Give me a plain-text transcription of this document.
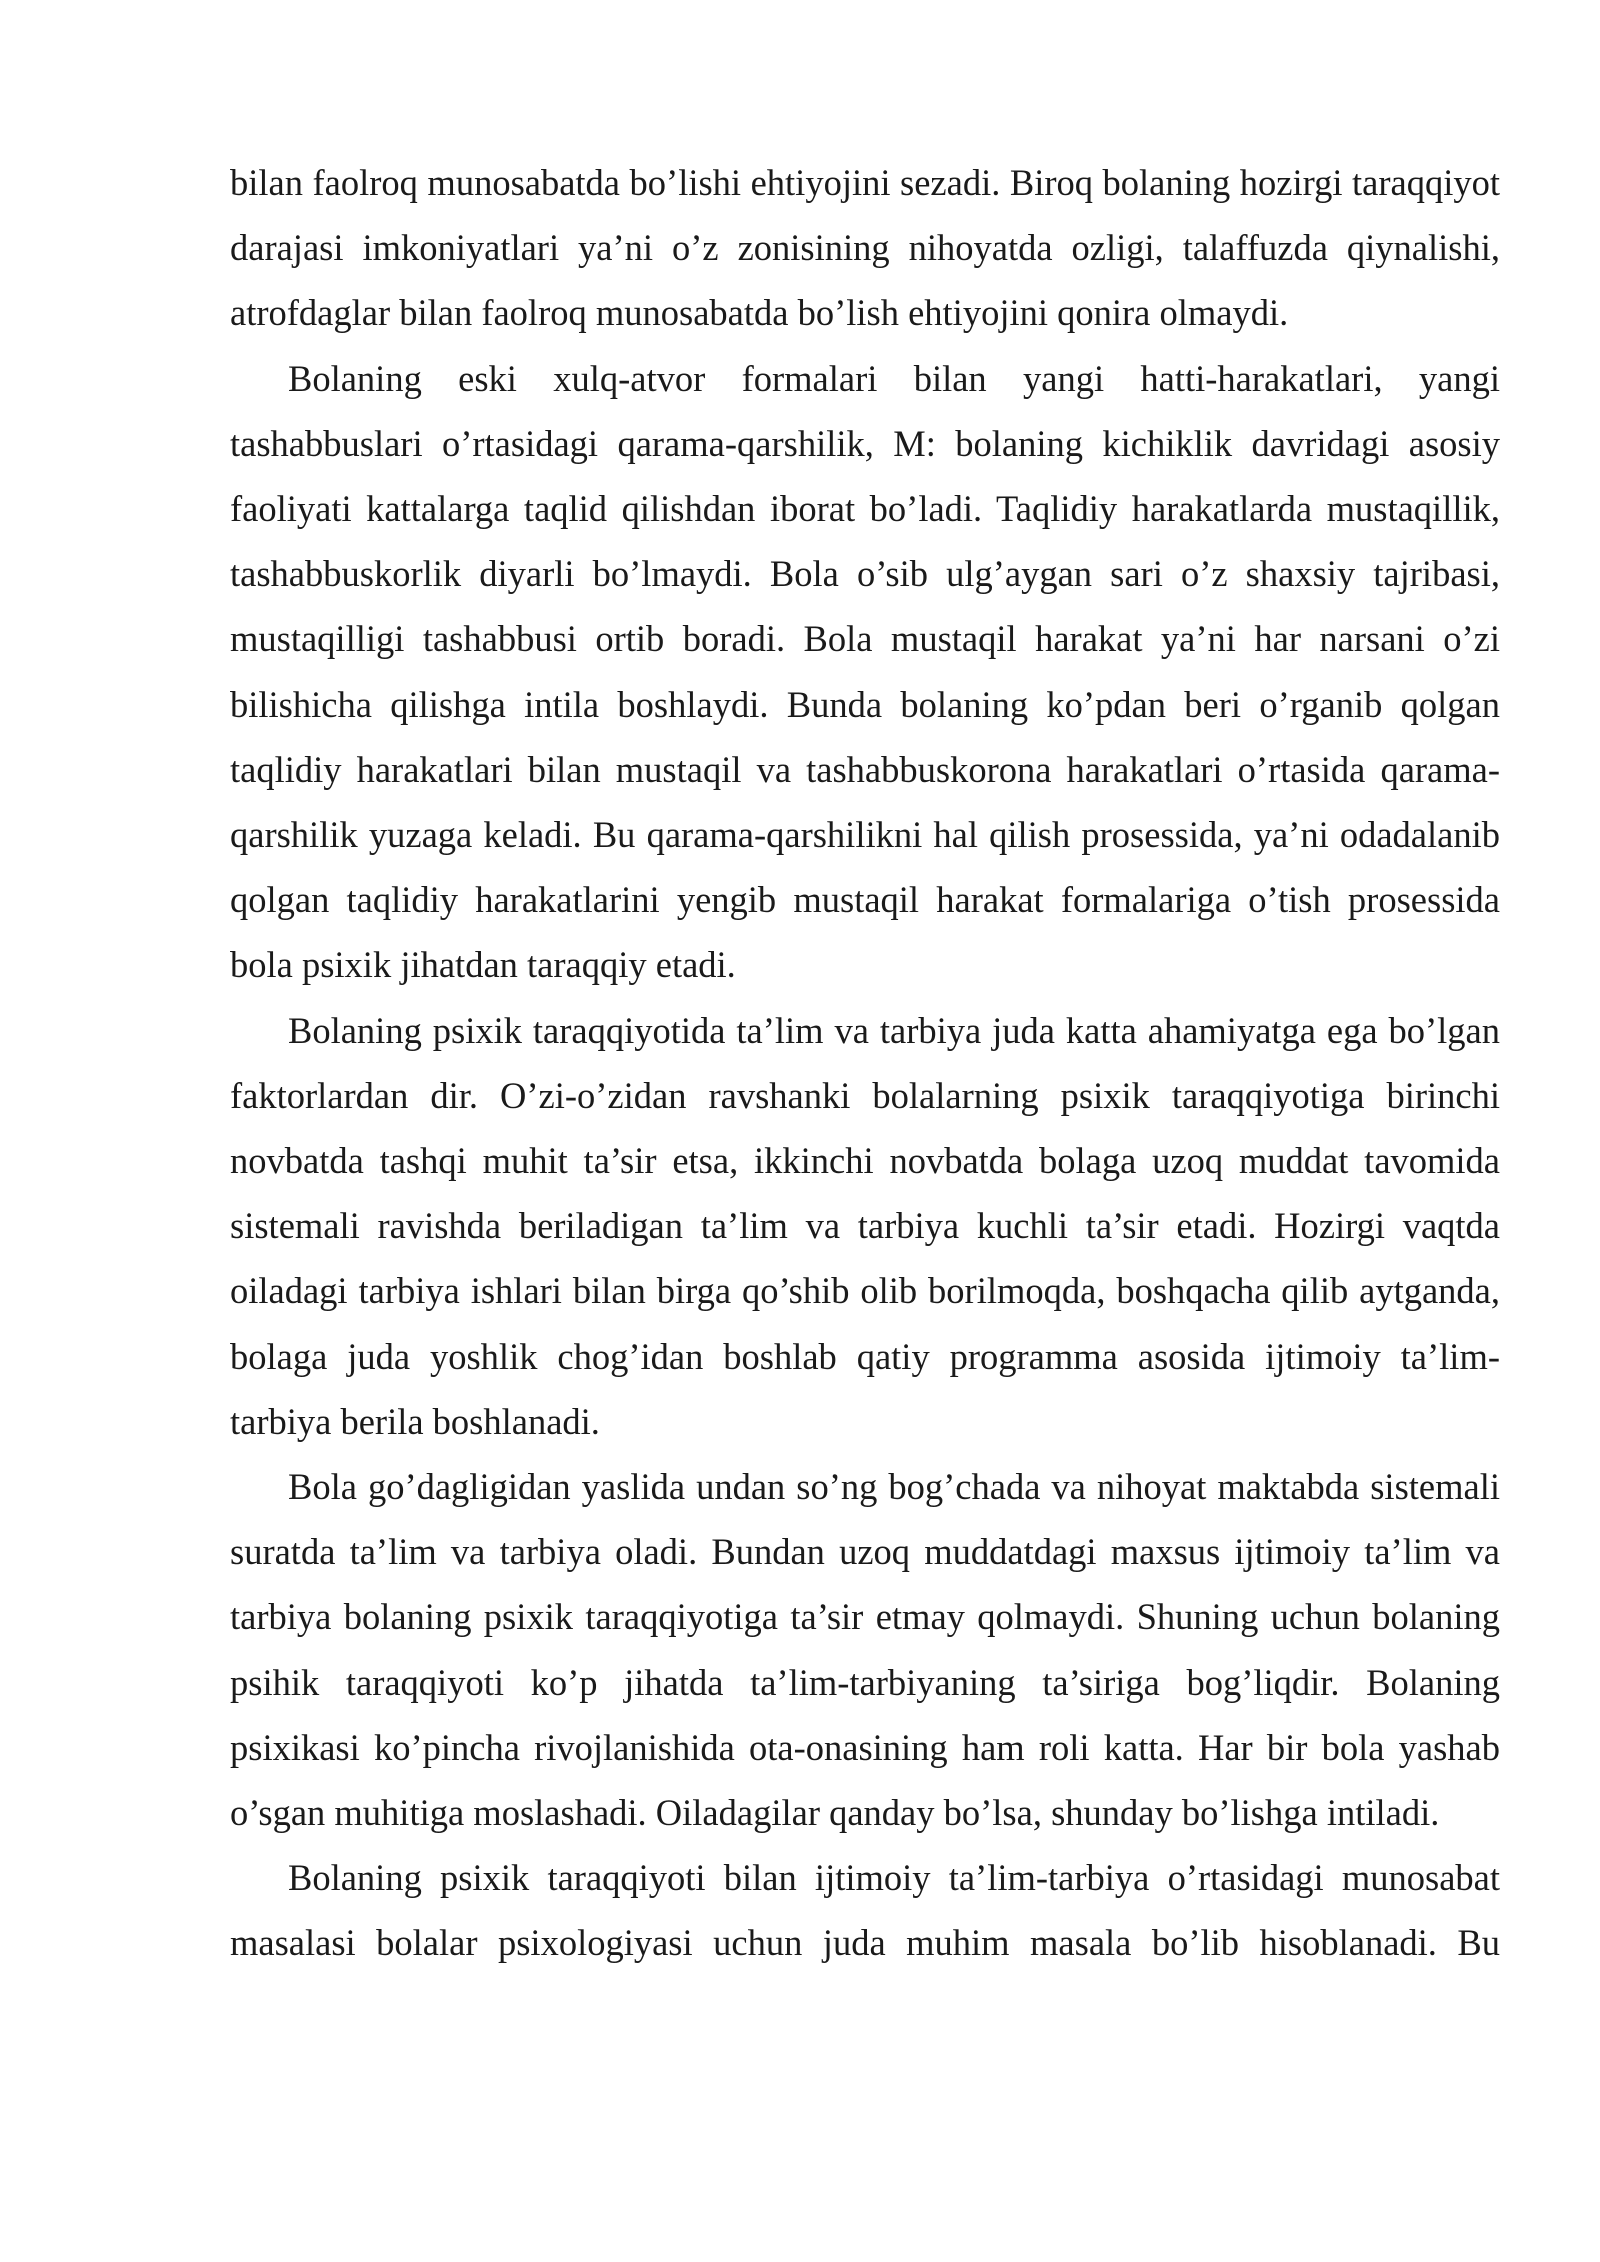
bilan faolroq munosabatda bo’lishi ehtiyojini sezadi. Biroq bolaning hozirgi taraqqiyot darajasi imkoniyatlari ya’ni o’z zonisining nihoyatda ozligi, talaffuzda qiynalishi, atrofdaglar bilan faolroq munosabatda bo’lish ehtiyojini qonira olmaydi.

Bolaning eski xulq-atvor formalari bilan yangi hatti-harakatlari, yangi tashabbuslari o’rtasidagi qarama-qarshilik, M: bolaning kichiklik davridagi asosiy faoliyati kattalarga taqlid qilishdan iborat bo’ladi. Taqlidiy harakatlarda mustaqillik, tashabbuskorlik diyarli bo’lmaydi. Bola o’sib ulg’aygan sari o’z shaxsiy tajribasi, mustaqilligi tashabbusi ortib boradi. Bola mustaqil harakat ya’ni har narsani o’zi bilishicha qilishga intila boshlaydi. Bunda bolaning ko’pdan beri o’rganib qolgan taqlidiy harakatlari bilan mustaqil va tashabbuskorona harakatlari o’rtasida qarama-qarshilik yuzaga keladi. Bu qarama-qarshilikni hal qilish prosessida, ya’ni odadalanib qolgan taqlidiy harakatlarini yengib mustaqil harakat formalariga o’tish prosessida bola psixik jihatdan taraqqiy etadi.

Bolaning psixik taraqqiyotida ta’lim va tarbiya juda katta ahamiyatga ega bo’lgan faktorlardan dir. O’zi-o’zidan ravshanki bolalarning psixik taraqqiyotiga birinchi novbatda tashqi muhit ta’sir etsa, ikkinchi novbatda bolaga uzoq muddat tavomida sistemali ravishda beriladigan ta’lim va tarbiya kuchli ta’sir etadi. Hozirgi vaqtda oiladagi tarbiya ishlari bilan birga qo’shib olib borilmoqda, boshqacha qilib aytganda, bolaga juda yoshlik chog’idan boshlab qatiy programma asosida ijtimoiy ta’lim-tarbiya berila boshlanadi.

Bola go’dagligidan yaslida undan so’ng bog’chada va nihoyat maktabda sistemali suratda ta’lim va tarbiya oladi. Bundan uzoq muddatdagi maxsus ijtimoiy ta’lim va tarbiya bolaning psixik taraqqiyotiga ta’sir etmay qolmaydi. Shuning uchun bolaning psihik taraqqiyoti ko’p jihatda ta’lim-tarbiyaning ta’siriga bog’liqdir. Bolaning psixikasi ko’pincha rivojlanishida ota-onasining ham roli katta. Har bir bola yashab o’sgan muhitiga moslashadi. Oiladagilar qanday bo’lsa, shunday bo’lishga intiladi.

Bolaning psixik taraqqiyoti bilan ijtimoiy ta’lim-tarbiya o’rtasidagi munosabat masalasi bolalar psixologiyasi uchun juda muhim masala bo’lib hisoblanadi. Bu
